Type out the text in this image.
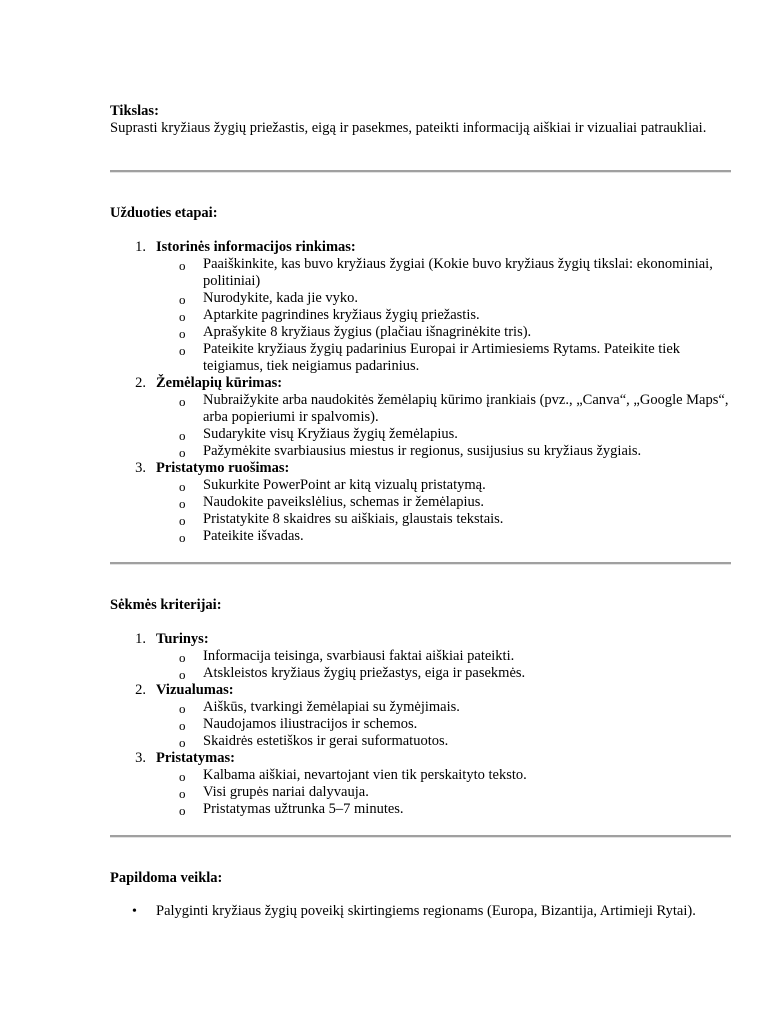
Tikslas:
Suprasti kryžiaus žygių priežastis, eigą ir pasekmes, pateikti informaciją aiškiai ir vizualiai patraukliai.
Užduoties etapai:
1. Istorinės informacijos rinkimas:
o Paaiškinkite, kas buvo kryžiaus žygiai (Kokie buvo kryžiaus žygių tikslai: ekonominiai, politiniai)
o Nurodykite, kada jie vyko.
o Aptarkite pagrindines kryžiaus žygių priežastis.
o Aprašykite 8 kryžiaus žygius (plačiau išnagrinėkite tris).
o Pateikite kryžiaus žygių padarinius Europai ir Artimiesiems Rytams. Pateikite tiek teigiamus, tiek neigiamus padarinius.
2. Žemėlapių kūrimas:
o Nubraižykite arba naudokitės žemėlapių kūrimo įrankiais (pvz., „Canva“, „Google Maps“, arba popieriumi ir spalvomis).
o Sudarykite visų Kryžiaus žygių žemėlapius.
o Pažymėkite svarbiausius miestus ir regionus, susijusius su kryžiaus žygiais.
3. Pristatymo ruošimas:
o Sukurkite PowerPoint ar kitą vizualų pristatymą.
o Naudokite paveikslėlius, schemas ir žemėlapius.
o Pristatykite 8 skaidres su aiškiais, glaustais tekstais.
o Pateikite išvadas.
Sėkmės kriterijai:
1. Turinys:
o Informacija teisinga, svarbiausi faktai aiškiai pateikti.
o Atskleistos kryžiaus žygių priežastys, eiga ir pasekmės.
2. Vizualumas:
o Aiškūs, tvarkingi žemėlapiai su žymėjimais.
o Naudojamos iliustracijos ir schemos.
o Skaidrės estetiškos ir gerai suformatuotos.
3. Pristatymas:
o Kalbama aiškiai, nevartojant vien tik perskaityto teksto.
o Visi grupės nariai dalyvauja.
o Pristatymas užtrunka 5–7 minutes.
Papildoma veikla:
• Palyginti kryžiaus žygių poveikį skirtingiems regionams (Europa, Bizantija, Artimieji Rytai).
